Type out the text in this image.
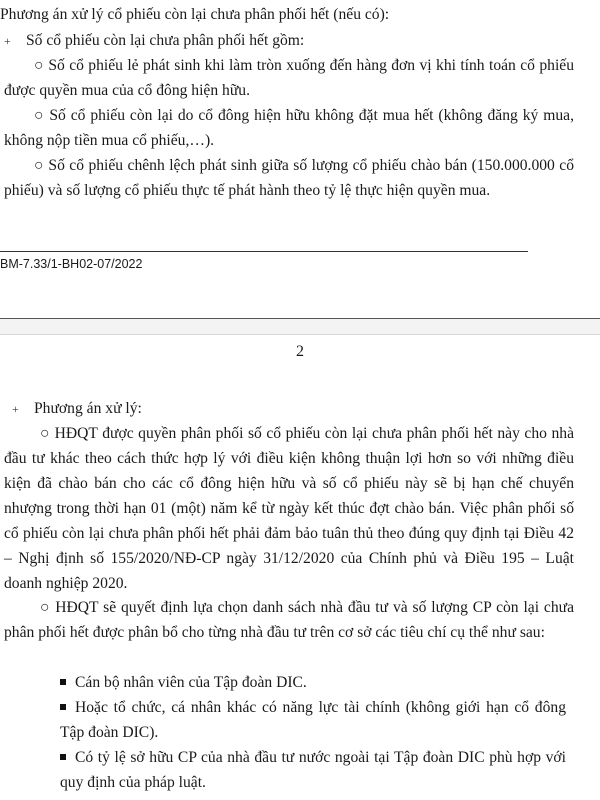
Phương án xử lý cổ phiếu còn lại chưa phân phối hết (nếu có):

+ Số cổ phiếu còn lại chưa phân phối hết gồm:

○ Số cổ phiếu lẻ phát sinh khi làm tròn xuống đến hàng đơn vị khi tính toán cổ phiếu được quyền mua của cổ đông hiện hữu.

○ Số cổ phiếu còn lại do cổ đông hiện hữu không đặt mua hết (không đăng ký mua, không nộp tiền mua cổ phiếu,…).

○ Số cổ phiếu chênh lệch phát sinh giữa số lượng cổ phiếu chào bán (150.000.000 cổ phiếu) và số lượng cổ phiếu thực tế phát hành theo tỷ lệ thực hiện quyền mua.

BM-7.33/1-BH02-07/2022
2

+ Phương án xử lý:

○ HĐQT được quyền phân phối số cổ phiếu còn lại chưa phân phối hết này cho nhà đầu tư khác theo cách thức hợp lý với điều kiện không thuận lợi hơn so với những điều kiện đã chào bán cho các cổ đông hiện hữu và số cổ phiếu này sẽ bị hạn chế chuyển nhượng trong thời hạn 01 (một) năm kể từ ngày kết thúc đợt chào bán. Việc phân phối số cổ phiếu còn lại chưa phân phối hết phải đảm bảo tuân thủ theo đúng quy định tại Điều 42 – Nghị định số 155/2020/NĐ-CP ngày 31/12/2020 của Chính phủ và Điều 195 – Luật doanh nghiệp 2020.

○ HĐQT sẽ quyết định lựa chọn danh sách nhà đầu tư và số lượng CP còn lại chưa phân phối hết được phân bổ cho từng nhà đầu tư trên cơ sở các tiêu chí cụ thể như sau:

Cán bộ nhân viên của Tập đoàn DIC.

Hoặc tổ chức, cá nhân khác có năng lực tài chính (không giới hạn cổ đông Tập đoàn DIC).

Có tỷ lệ sở hữu CP của nhà đầu tư nước ngoài tại Tập đoàn DIC phù hợp với quy định của pháp luật.
